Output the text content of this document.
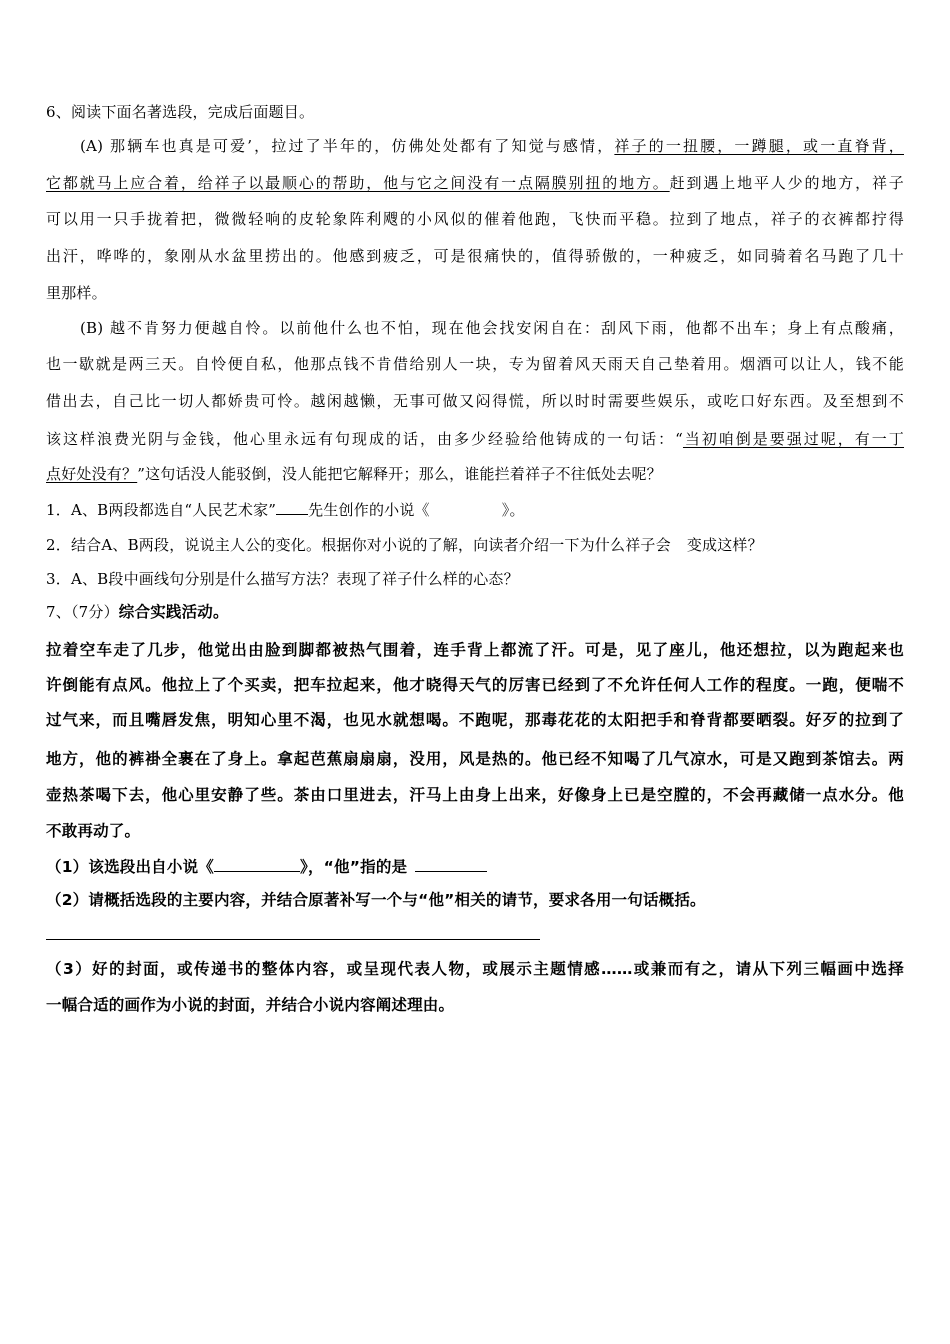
6、阅读下面名著选段，完成后面题目。
(A) 那辆车也真是可爱’，拉过了半年的，仿佛处处都有了知觉与感情，祥子的一扭腰，一蹲腿，或一直脊背，
它都就马上应合着，给祥子以最顺心的帮助，他与它之间没有一点隔膜别扭的地方。赶到遇上地平人少的地方，祥子
可以用一只手拢着把，微微轻响的皮轮象阵利飕的小风似的催着他跑，飞快而平稳。拉到了地点，祥子的衣裤都拧得
出汗，哗哗的，象刚从水盆里捞出的。他感到疲乏，可是很痛快的，值得骄傲的，一种疲乏，如同骑着名马跑了几十
里那样。
(B) 越不肯努力便越自怜。以前他什么也不怕，现在他会找安闲自在：刮风下雨，他都不出车；身上有点酸痛，
也一歇就是两三天。自怜便自私，他那点钱不肯借给别人一块，专为留着风天雨天自己垫着用。烟酒可以让人，钱不能
借出去，自己比一切人都娇贵可怜。越闲越懒，无事可做又闷得慌，所以时时需要些娱乐，或吃口好东西。及至想到不
该这样浪费光阴与金钱，他心里永远有句现成的话，由多少经验给他铸成的一句话：“当初咱倒是要强过呢，有一丁
点好处没有？”这句话没人能驳倒，没人能把它解释开；那么，谁能拦着祥子不往低处去呢？
1．A、B两段都选自“人民艺术家” 先生创作的小说《	》。
2．结合A、B两段，说说主人公的变化。根据你对小说的了解，向读者介绍一下为什么祥子会 变成这样？
3．A、B段中画线句分别是什么描写方法？表现了祥子什么样的心态？
7、（7分）综合实践活动。
拉着空车走了几步，他觉出由脸到脚都被热气围着，连手背上都流了汗。可是，见了座儿，他还想拉，以为跑起来也
许倒能有点风。他拉上了个买卖，把车拉起来，他才晓得天气的厉害已经到了不允许任何人工作的程度。一跑，便喘不
过气来，而且嘴唇发焦，明知心里不渴，也见水就想喝。不跑呢，那毒花花的太阳把手和脊背都要晒裂。好歹的拉到了
地方，他的裤褂全裹在了身上。拿起芭蕉扇扇扇，没用，风是热的。他已经不知喝了几气凉水，可是又跑到茶馆去。两
壶热茶喝下去，他心里安静了些。茶由口里进去，汗马上由身上出来，好像身上已是空膛的，不会再藏储一点水分。他
不敢再动了。
（1）该选段出自小说《	》，“他”指的是
（2）请概括选段的主要内容，并结合原著补写一个与“他”相关的请节，要求各用一句话概括。
（3）好的封面，或传递书的整体内容，或呈现代表人物，或展示主题情感……或兼而有之，请从下列三幅画中选择
一幅合适的画作为小说的封面，并结合小说内容阐述理由。
